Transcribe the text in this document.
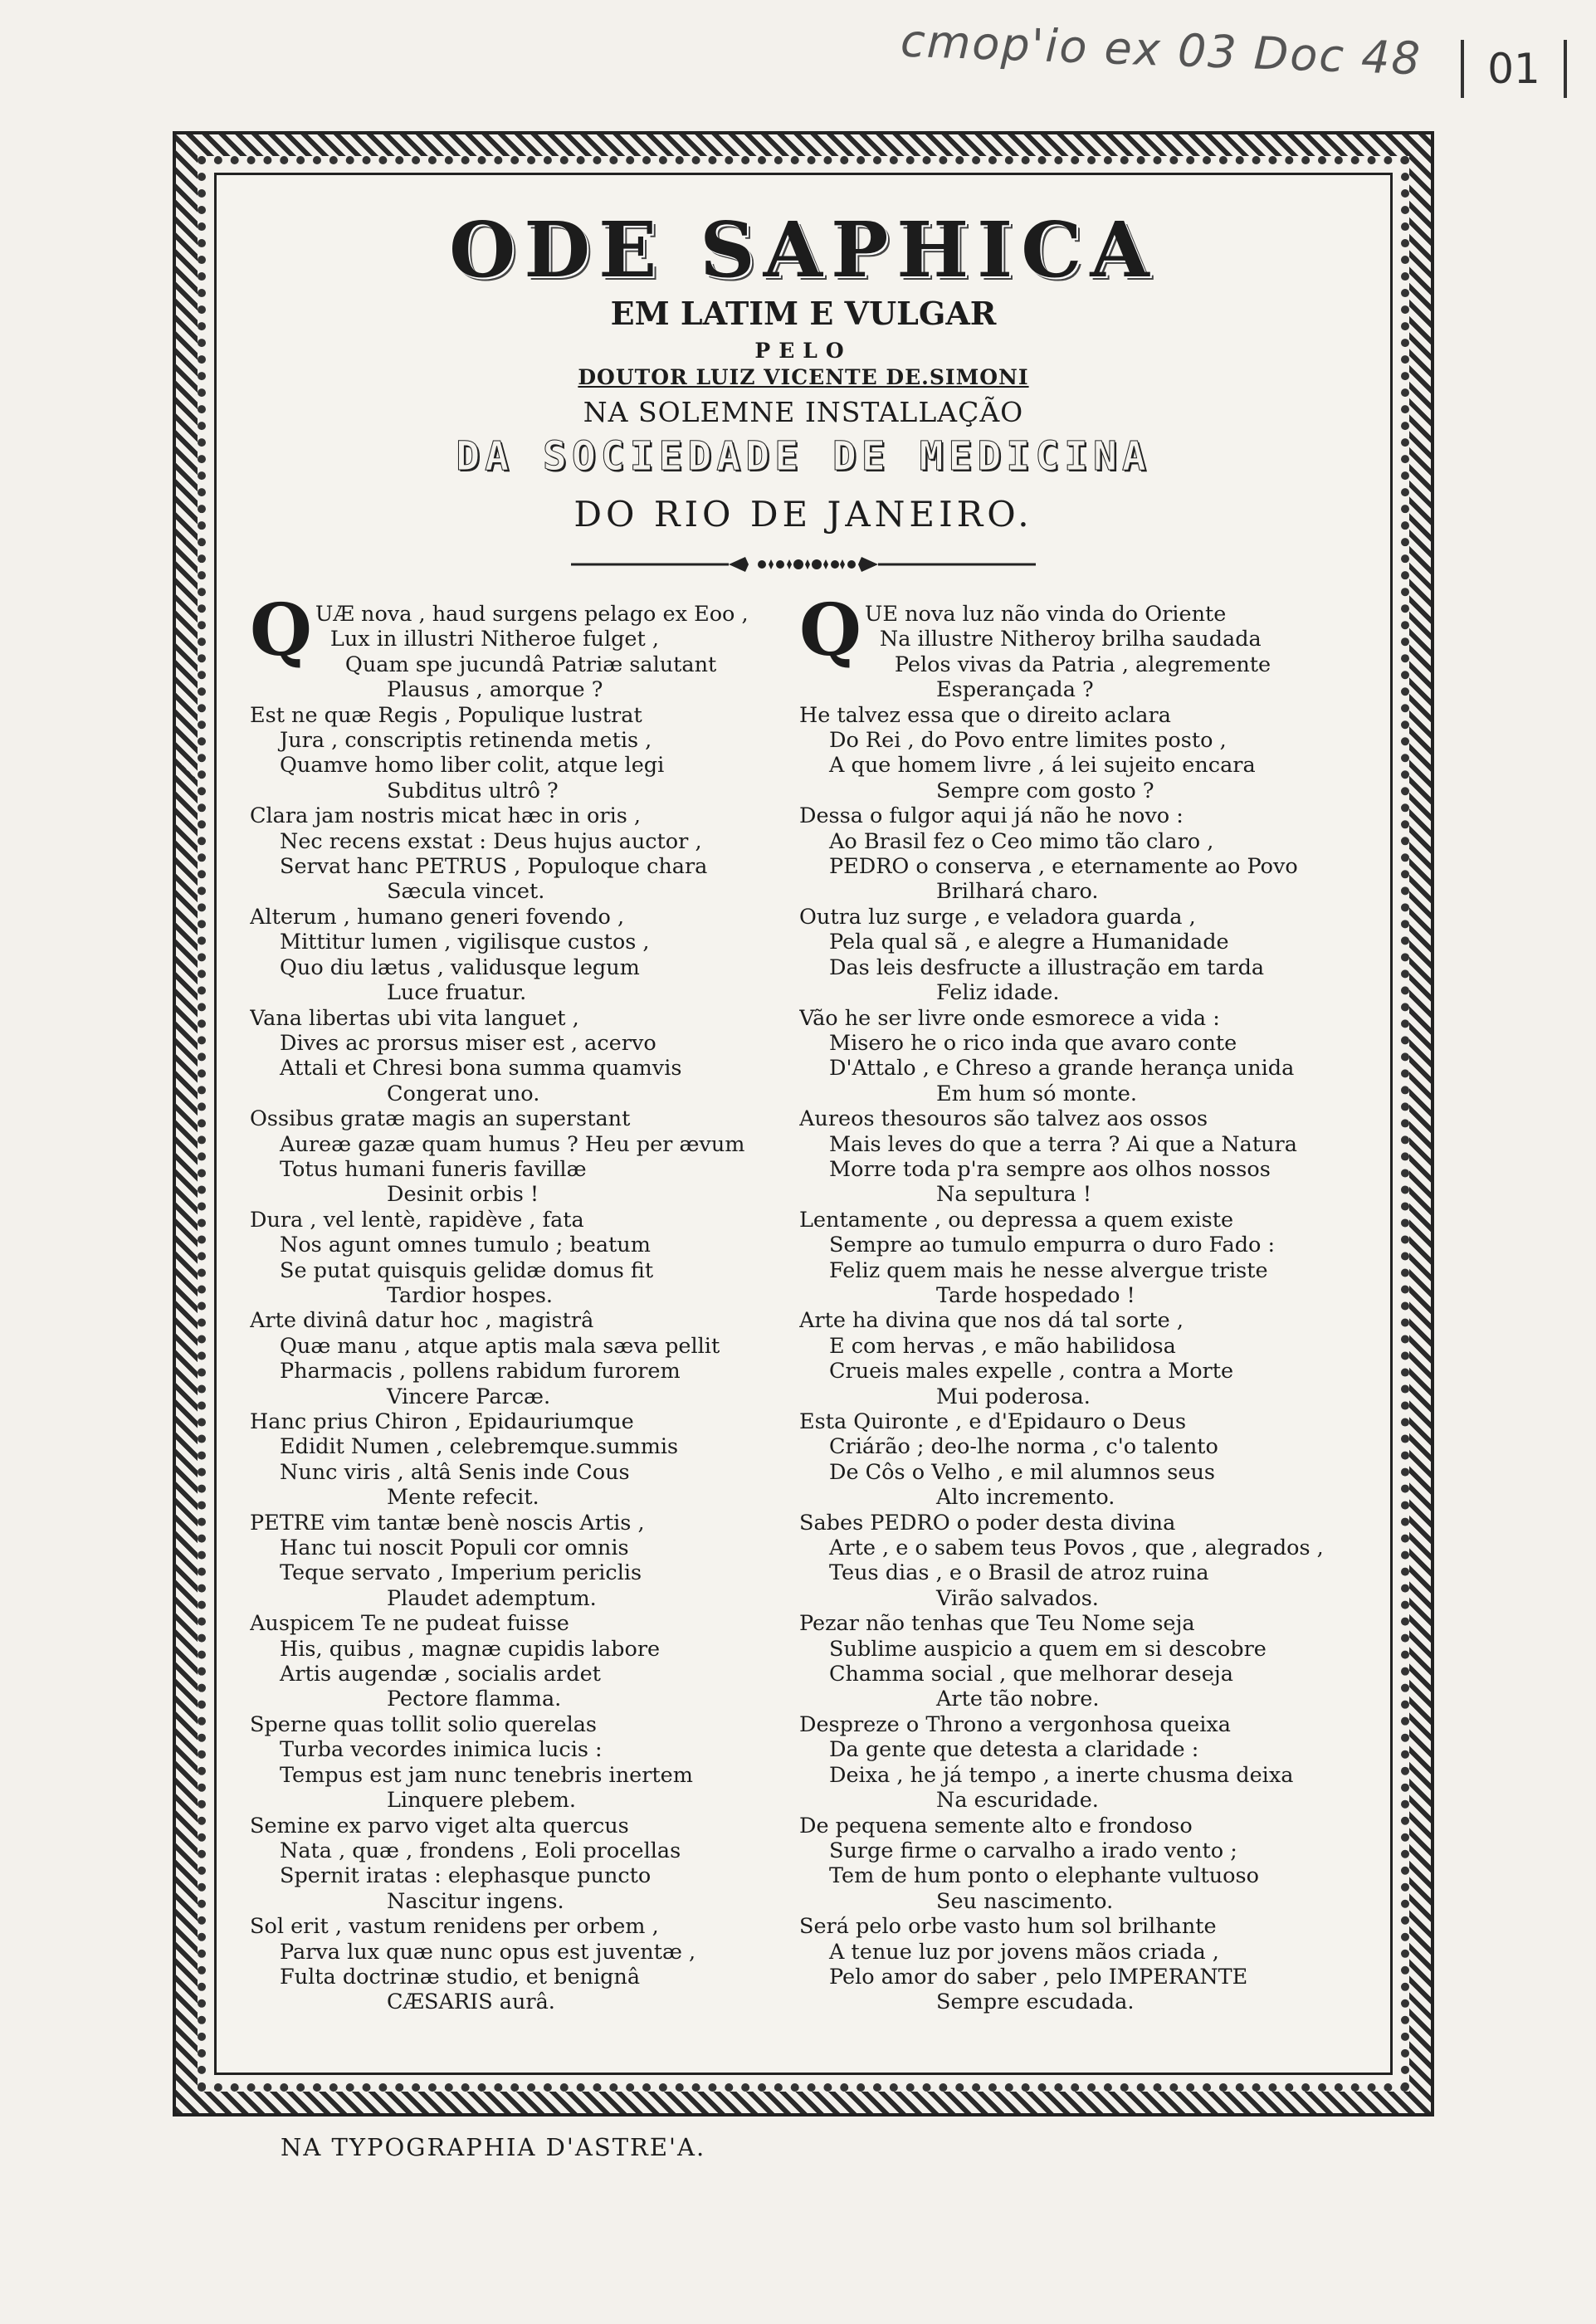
cmop'io ex 03 Doc 48	01
ODE SAPHICA
EM LATIM E VULGAR
PELO
DOUTOR LUIZ VICENTE DE.SIMONI
NA SOLEMNE INSTALLAÇÃO
DA SOCIEDADE DE MEDICINA
DO RIO DE JANEIRO.
Q UÆ nova , haud surgens pelago ex Eoo ,
Lux in illustri Nitheroe fulget ,
Quam spe jucundâ Patriæ salutant
Plausus , amorque ?
Est ne quæ Regis , Populique lustrat
Jura , conscriptis retinenda metis ,
Quamve homo liber colit, atque legi
Subditus ultrô ?
Clara jam nostris micat hæc in oris ,
Nec recens exstat : Deus hujus auctor ,
Servat hanc PETRUS , Populoque chara
Sæcula vincet.
Alterum , humano generi fovendo ,
Mittitur lumen , vigilisque custos ,
Quo diu lætus , validusque legum
Luce fruatur.
Vana libertas ubi vita languet ,
Dives ac prorsus miser est , acervo
Attali et Chresi bona summa quamvis
Congerat uno.
Ossibus gratæ magis an superstant
Aureæ gazæ quam humus ? Heu per ævum
Totus humani funeris favillæ
Desinit orbis !
Dura , vel lentè, rapidève , fata
Nos agunt omnes tumulo ; beatum
Se putat quisquis gelidæ domus fit
Tardior hospes.
Arte divinâ datur hoc , magistrâ
Quæ manu , atque aptis mala sæva pellit
Pharmacis , pollens rabidum furorem
Vincere Parcæ.
Hanc prius Chiron , Epidauriumque
Edidit Numen , celebremque.summis
Nunc viris , altâ Senis inde Cous
Mente refecit.
PETRE vim tantæ benè noscis Artis ,
Hanc tui noscit Populi cor omnis
Teque servato , Imperium periclis
Plaudet ademptum.
Auspicem Te ne pudeat fuisse
His, quibus , magnæ cupidis labore
Artis augendæ , socialis ardet
Pectore flamma.
Sperne quas tollit solio querelas
Turba vecordes inimica lucis :
Tempus est jam nunc tenebris inertem
Linquere plebem.
Semine ex parvo viget alta quercus
Nata , quæ , frondens , Eoli procellas
Spernit iratas : elephasque puncto
Nascitur ingens.
Sol erit , vastum renidens per orbem ,
Parva lux quæ nunc opus est juventæ ,
Fulta doctrinæ studio, et benignâ
CÆSARIS aurâ.
Q UE nova luz não vinda do Oriente
Na illustre Nitheroy brilha saudada
Pelos vivas da Patria , alegremente
Esperançada ?
He talvez essa que o direito aclara
Do Rei , do Povo entre limites posto ,
A que homem livre , á lei sujeito encara
Sempre com gosto ?
Dessa o fulgor aqui já não he novo :
Ao Brasil fez o Ceo mimo tão claro ,
PEDRO o conserva , e eternamente ao Povo
Brilhará charo.
Outra luz surge , e veladora guarda ,
Pela qual sã , e alegre a Humanidade
Das leis desfructe a illustração em tarda
Feliz idade.
Vão he ser livre onde esmorece a vida :
Misero he o rico inda que avaro conte
D'Attalo , e Chreso a grande herança unida
Em hum só monte.
Aureos thesouros são talvez aos ossos
Mais leves do que a terra ? Ai que a Natura
Morre toda p'ra sempre aos olhos nossos
Na sepultura !
Lentamente , ou depressa a quem existe
Sempre ao tumulo empurra o duro Fado :
Feliz quem mais he nesse alvergue triste
Tarde hospedado !
Arte ha divina que nos dá tal sorte ,
E com hervas , e mão habilidosa
Crueis males expelle , contra a Morte
Mui poderosa.
Esta Quironte , e d'Epidauro o Deus
Criárão ; deo-lhe norma , c'o talento
De Côs o Velho , e mil alumnos seus
Alto incremento.
Sabes PEDRO o poder desta divina
Arte , e o sabem teus Povos , que , alegrados ,
Teus dias , e o Brasil de atroz ruina
Virão salvados.
Pezar não tenhas que Teu Nome seja
Sublime auspicio a quem em si descobre
Chamma social , que melhorar deseja
Arte tão nobre.
Despreze o Throno a vergonhosa queixa
Da gente que detesta a claridade :
Deixa , he já tempo , a inerte chusma deixa
Na escuridade.
De pequena semente alto e frondoso
Surge firme o carvalho a irado vento ;
Tem de hum ponto o elephante vultuoso
Seu nascimento.
Será pelo orbe vasto hum sol brilhante
A tenue luz por jovens mãos criada ,
Pelo amor do saber , pelo IMPERANTE
Sempre escudada.
NA TYPOGRAPHIA D'ASTRE'A.
